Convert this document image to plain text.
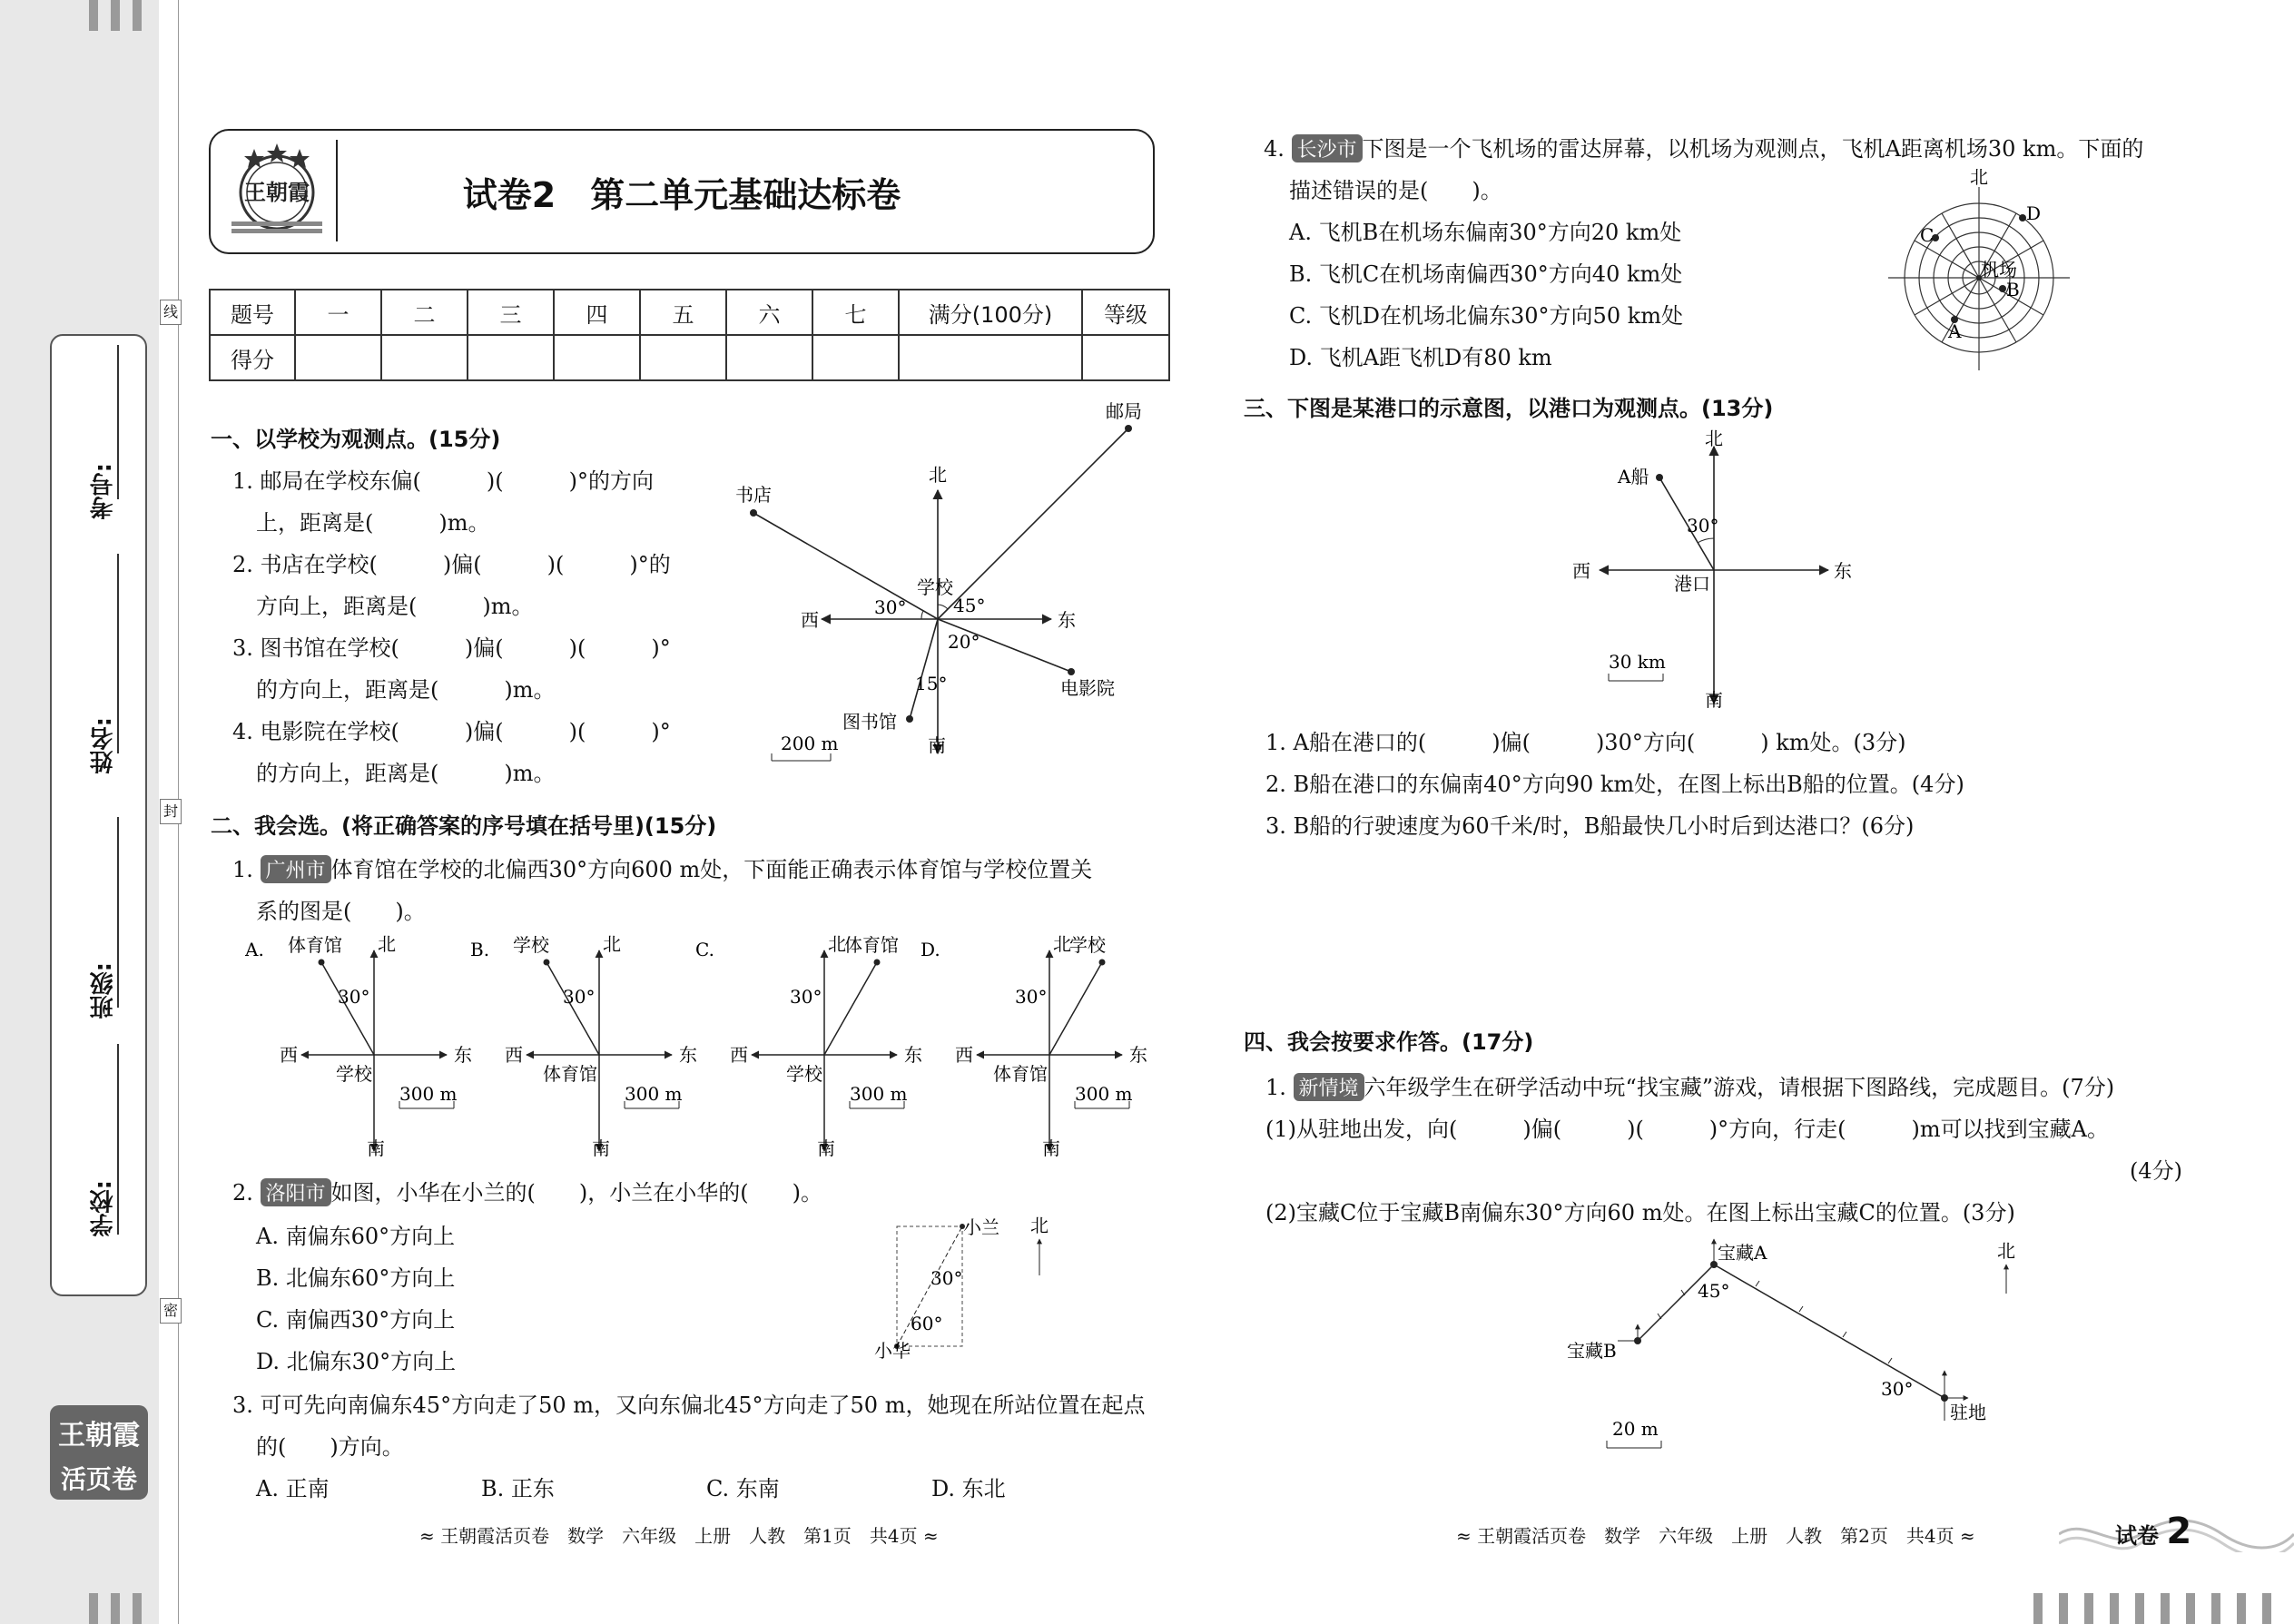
线
封
密
学校:
班级:
姓名:
考号:
王朝霞
活页卷
王朝霞	试卷2　第二单元基础达标卷
题号	一	二	三	四	五	六	七	满分(100分)	等级
得分									
一、以学校为观测点。(15分)
1. 邮局在学校东偏(　　　)(　　　)°的方向
上，距离是(　　　)m。
2. 书店在学校(　　　)偏(　　　)(　　　)°的
方向上，距离是(　　　)m。
3. 图书馆在学校(　　　)偏(　　　)(　　　)°
的方向上，距离是(　　　)m。
4. 电影院在学校(　　　)偏(　　　)(　　　)°
的方向上，距离是(　　　)m。
邮局
书店
北
学校
西	东
30°	45°
20°
15°	电影院
图书馆
南
200 m
二、我会选。(将正确答案的序号填在括号里)(15分)
1. 广州市 体育馆在学校的北偏西30°方向600 m处，下面能正确表示体育馆与学校位置关
系的图是(　　)。
A. 体育馆 北
30°
西	东
学校
南
300 m
B. 学校	北
30°
西	东
体育馆
南
300 m
C.	体育馆
北
30°
西	东
学校
南
300 m
D.	学校
北
30°
西	东
体育馆
南
300 m
2. 洛阳市 如图，小华在小兰的(　　)，小兰在小华的(　　)。
A. 南偏东60°方向上
B. 北偏东60°方向上
C. 南偏西30°方向上
D. 北偏东30°方向上
小兰
小华
北
30°
60°
3. 可可先向南偏东45°方向走了50 m，又向东偏北45°方向走了50 m，她现在所站位置在起点
的(　　)方向。
A. 正南	B. 正东	C. 东南	D. 东北
≈ 王朝霞活页卷　数学　六年级　上册　人教　第1页　共4页 ≈
4. 长沙市 下图是一个飞机场的雷达屏幕，以机场为观测点，飞机A距离机场30 km。下面的
描述错误的是(　　)。
A. 飞机B在机场东偏南30°方向20 km处
B. 飞机C在机场南偏西30°方向40 km处
C. 飞机D在机场北偏东30°方向50 km处
D. 飞机A距飞机D有80 km
北
机场
D
C
B
A
三、下图是某港口的示意图，以港口为观测点。(13分)
北
西	东
南
A船
30°
港口
30 km
1. A船在港口的(　　　)偏(　　　)30°方向(　　　) km处。(3分)
2. B船在港口的东偏南40°方向90 km处，在图上标出B船的位置。(4分)
3. B船的行驶速度为60千米/时，B船最快几小时后到达港口？(6分)
四、我会按要求作答。(17分)
1. 新情境 六年级学生在研学活动中玩“找宝藏”游戏，请根据下图路线，完成题目。(7分)
(1)从驻地出发，向(　　　)偏(　　　)(　　　)°方向，行走(　　　)m可以找到宝藏A。
(4分)
(2)宝藏C位于宝藏B南偏东30°方向60 m处。在图上标出宝藏C的位置。(3分)
宝藏A
宝藏B
驻地
北
45°
30°
20 m
≈ 王朝霞活页卷　数学　六年级　上册　人教　第2页　共4页 ≈	试卷 2
